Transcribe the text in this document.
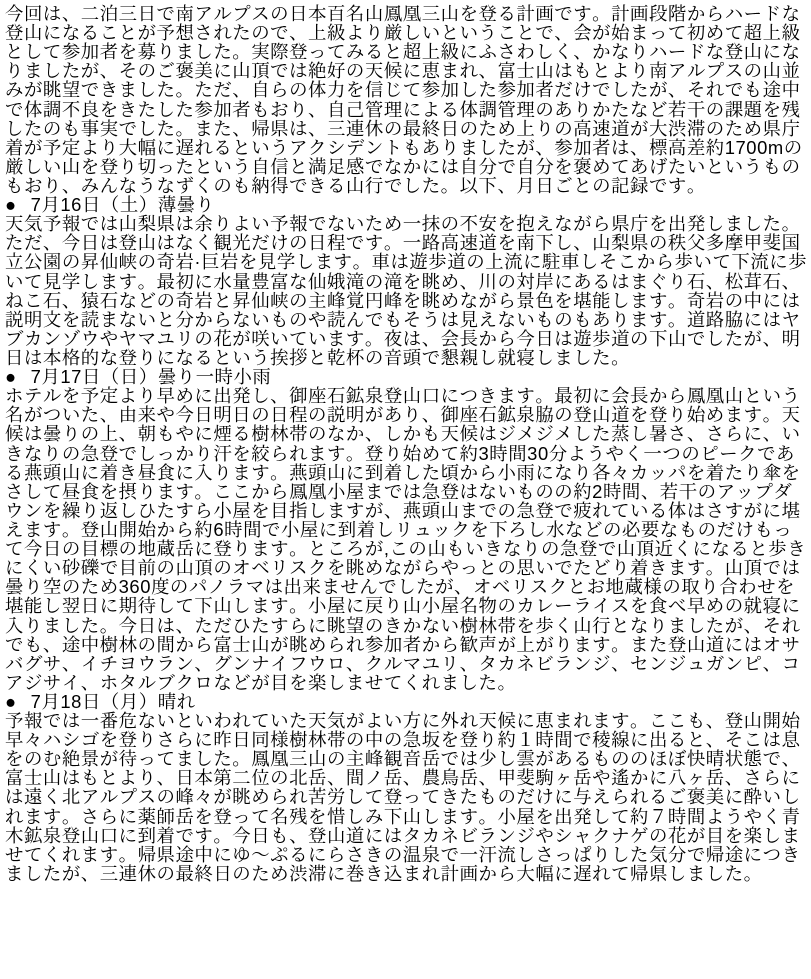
今回は、二泊三日で南アルプスの日本百名山鳳凰三山を登る計画です。計画段階からハードな
登山になることが予想されたので、上級より厳しいということで、会が始まって初めて超上級
として参加者を募りました。実際登ってみると超上級にふさわしく、かなりハードな登山にな
りましたが、そのご褒美に山頂では絶好の天候に恵まれ、富士山はもとより南アルプスの山並
みが眺望できました。ただ、自らの体力を信じて参加した参加者だけでしたが、それでも途中
で体調不良をきたした参加者もおり、自己管理による体調管理のありかたなど若干の課題を残
したのも事実でした。また、帰県は、三連休の最終日のため上りの高速道が大渋滞のため県庁
着が予定より大幅に遅れるというアクシデントもありましたが、参加者は、標高差約1700mの
厳しい山を登り切ったという自信と満足感でなかには自分で自分を褒めてあげたいというもの
もおり、みんなうなずくのも納得できる山行でした。以下、月日ごとの記録です。
● 7月16日（土）薄曇り
天気予報では山梨県は余りよい予報でないため一抹の不安を抱えながら県庁を出発しました。
ただ、今日は登山はなく観光だけの日程です。一路高速道を南下し、山梨県の秩父多摩甲斐国
立公園の昇仙峡の奇岩·巨岩を見学します。車は遊歩道の上流に駐車しそこから歩いて下流に歩
いて見学します。最初に水量豊富な仙娥滝の滝を眺め、川の対岸にあるはまぐり石、松茸石、
ねこ石、猿石などの奇岩と昇仙峡の主峰覚円峰を眺めながら景色を堪能します。奇岩の中には
説明文を読まないと分からないものや読んでもそうは見えないものもあります。道路脇にはヤ
ブカンゾウやヤマユリの花が咲いています。夜は、会長から今日は遊歩道の下山でしたが、明
日は本格的な登りになるという挨拶と乾杯の音頭で懇親し就寝しました。
● 7月17日（日）曇り一時小雨
ホテルを予定より早めに出発し、御座石鉱泉登山口につきます。最初に会長から鳳凰山という
名がついた、由来や今日明日の日程の説明があり、御座石鉱泉脇の登山道を登り始めます。天
候は曇りの上、朝もやに煙る樹林帯のなか、しかも天候はジメジメした蒸し暑さ、さらに、い
きなりの急登でしっかり汗を絞られます。登り始めて約3時間30分ようやく一つのピークであ
る燕頭山に着き昼食に入ります。燕頭山に到着した頃から小雨になり各々カッパを着たり傘を
さして昼食を摂ります。ここから鳳凰小屋までは急登はないものの約2時間、若干のアップダ
ウンを繰り返しひたすら小屋を目指しますが、燕頭山までの急登で疲れている体はさすがに堪
えます。登山開始から約6時間で小屋に到着しリュックを下ろし水などの必要なものだけもっ
て今日の目標の地蔵岳に登ります。ところが,この山もいきなりの急登で山頂近くになると歩き
にくい砂礫で目前の山頂のオベリスクを眺めながらやっとの思いでたどり着きます。山頂では
曇り空のため360度のパノラマは出来ませんでしたが、オベリスクとお地蔵様の取り合わせを
堪能し翌日に期待して下山します。小屋に戻り山小屋名物のカレーライスを食べ早めの就寝に
入りました。今日は、ただひたすらに眺望のきかない樹林帯を歩く山行となりましたが、それ
でも、途中樹林の間から富士山が眺められ参加者から歓声が上がります。また登山道にはオサ
バグサ、イチヨウラン、グンナイフウロ、クルマユリ、タカネビランジ、センジュガンピ、コ
アジサイ、ホタルブクロなどが目を楽しませてくれました。
● 7月18日（月）晴れ
予報では一番危ないといわれていた天気がよい方に外れ天候に恵まれます。ここも、登山開始
早々ハシゴを登りさらに昨日同様樹林帯の中の急坂を登り約１時間で稜線に出ると、そこは息
をのむ絶景が待ってました。鳳凰三山の主峰観音岳では少し雲があるもののほぼ快晴状態で、
富士山はもとより、日本第二位の北岳、間ノ岳、農鳥岳、甲斐駒ヶ岳や遙かに八ヶ岳、さらに
は遠く北アルプスの峰々が眺められ苦労して登ってきたものだけに与えられるご褒美に酔いし
れます。さらに薬師岳を登って名残を惜しみ下山します。小屋を出発して約７時間ようやく青
木鉱泉登山口に到着です。今日も、登山道にはタカネビランジやシャクナゲの花が目を楽しま
せてくれます。帰県途中にゆ～ぷるにらさきの温泉で一汗流しさっぱりした気分で帰途につき
ましたが、三連休の最終日のため渋滞に巻き込まれ計画から大幅に遅れて帰県しました。
